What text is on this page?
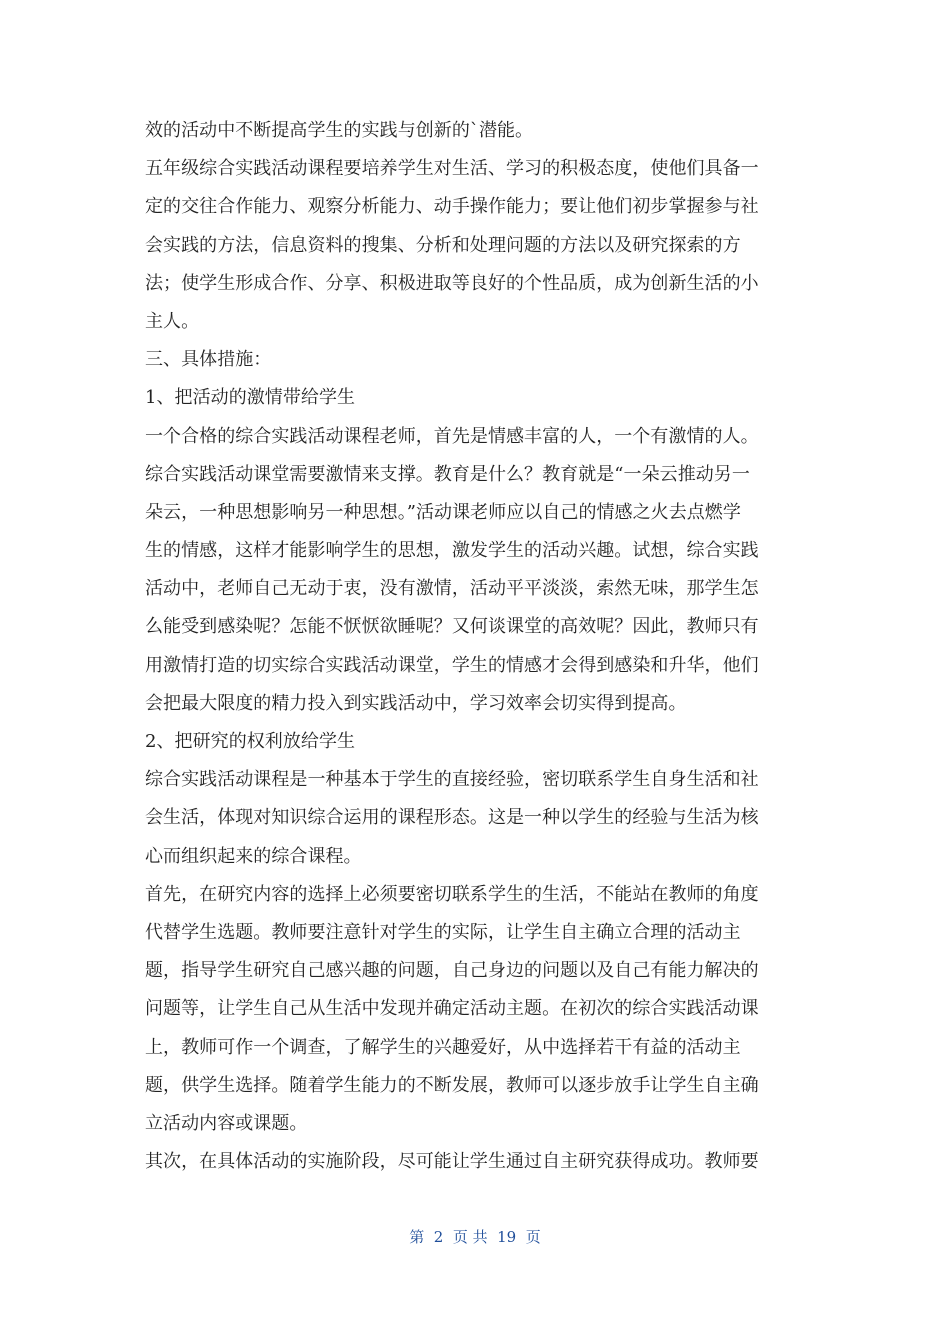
效的活动中不断提高学生的实践与创新的`潜能。
五年级综合实践活动课程要培养学生对生活、学习的积极态度，使他们具备一
定的交往合作能力、观察分析能力、动手操作能力；要让他们初步掌握参与社
会实践的方法，信息资料的搜集、分析和处理问题的方法以及研究探索的方
法；使学生形成合作、分享、积极进取等良好的个性品质，成为创新生活的小
主人。
三、具体措施：
1、把活动的激情带给学生
一个合格的综合实践活动课程老师，首先是情感丰富的人，一个有激情的人。
综合实践活动课堂需要激情来支撑。教育是什么？教育就是“一朵云推动另一
朵云，一种思想影响另一种思想。”活动课老师应以自己的情感之火去点燃学
生的情感，这样才能影响学生的思想，激发学生的活动兴趣。试想，综合实践
活动中，老师自己无动于衷，没有激情，活动平平淡淡，索然无味，那学生怎
么能受到感染呢？怎能不恹恹欲睡呢？又何谈课堂的高效呢？因此，教师只有
用激情打造的切实综合实践活动课堂，学生的情感才会得到感染和升华，他们
会把最大限度的精力投入到实践活动中，学习效率会切实得到提高。
2、把研究的权利放给学生
综合实践活动课程是一种基本于学生的直接经验，密切联系学生自身生活和社
会生活，体现对知识综合运用的课程形态。这是一种以学生的经验与生活为核
心而组织起来的综合课程。
首先，在研究内容的选择上必须要密切联系学生的生活，不能站在教师的角度
代替学生选题。教师要注意针对学生的实际，让学生自主确立合理的活动主
题，指导学生研究自己感兴趣的问题，自己身边的问题以及自己有能力解决的
问题等，让学生自己从生活中发现并确定活动主题。在初次的综合实践活动课
上，教师可作一个调查，了解学生的兴趣爱好，从中选择若干有益的活动主
题，供学生选择。随着学生能力的不断发展，教师可以逐步放手让学生自主确
立活动内容或课题。
其次，在具体活动的实施阶段，尽可能让学生通过自主研究获得成功。教师要
第  2  页 共  19  页
